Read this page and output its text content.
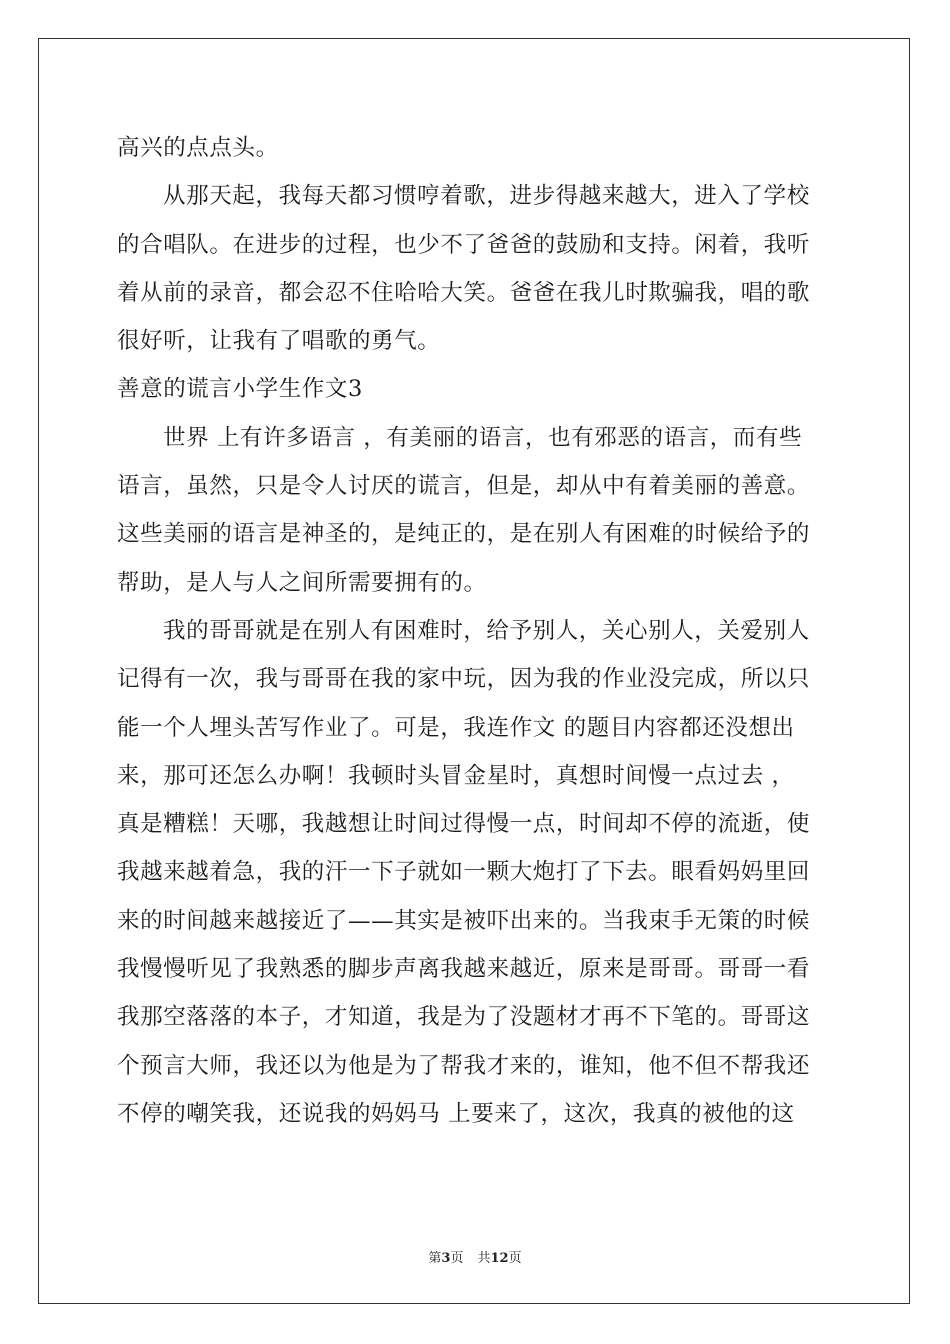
高兴的点点头。
从那天起，我每天都习惯哼着歌，进步得越来越大，进入了学校
的合唱队。在进步的过程，也少不了爸爸的鼓励和支持。闲着，我听
着从前的录音，都会忍不住哈哈大笑。爸爸在我儿时欺骗我，唱的歌
很好听，让我有了唱歌的勇气。
善意的谎言小学生作文3
世界 上有许多语言 ，有美丽的语言，也有邪恶的语言，而有些
语言，虽然，只是令人讨厌的谎言，但是，却从中有着美丽的善意。
这些美丽的语言是神圣的，是纯正的，是在别人有困难的时候给予的
帮助，是人与人之间所需要拥有的。
我的哥哥就是在别人有困难时，给予别人，关心别人，关爱别人
记得有一次，我与哥哥在我的家中玩，因为我的作业没完成，所以只
能一个人埋头苦写作业了。可是，我连作文 的题目内容都还没想出
来，那可还怎么办啊！我顿时头冒金星时，真想时间慢一点过去 ，
真是糟糕！天哪，我越想让时间过得慢一点，时间却不停的流逝，使
我越来越着急，我的汗一下子就如一颗大炮打了下去。眼看妈妈里回
来的时间越来越接近了——其实是被吓出来的。当我束手无策的时候
我慢慢听见了我熟悉的脚步声离我越来越近，原来是哥哥。哥哥一看
我那空落落的本子，才知道，我是为了没题材才再不下笔的。哥哥这
个预言大师，我还以为他是为了帮我才来的，谁知，他不但不帮我还
不停的嘲笑我，还说我的妈妈马 上要来了，这次，我真的被他的这
第3页 共12页
